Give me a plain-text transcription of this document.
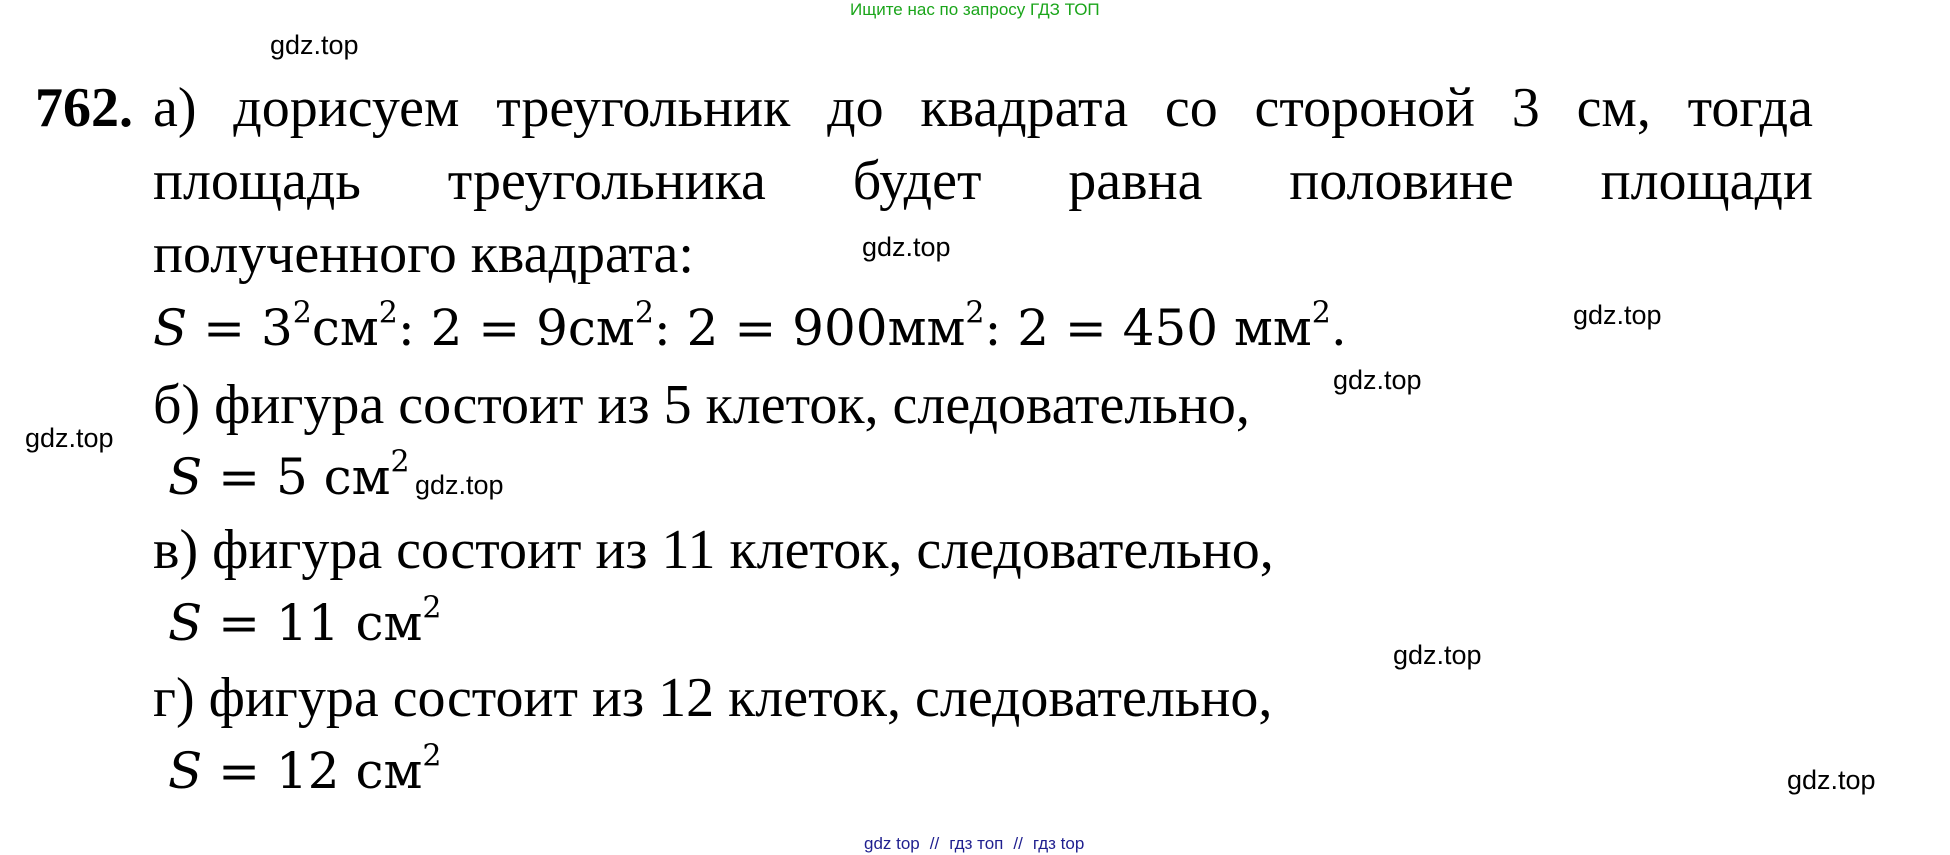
Ищите нас по запросу ГДЗ ТОП
gdz.top
gdz.top
gdz.top
gdz.top
gdz.top
gdz.top
gdz.top
gdz.top
762. а) дорисуем треугольник до квадрата со стороной 3 см, тогда
площадь треугольника будет равна половине площади
полученного квадрата:
$S = 3^2см^2$: $2 = 9см^2$: $2 = 900мм^2$: 2 = 450 $мм^2$.
б) фигура состоит из 5 клеток, следовательно,
S = 5 $см^2$
в) фигура состоит из 11 клеток, следовательно,
S = 11 $см^2$
г) фигура состоит из 12 клеток, следовательно,
S = 12 $см^2$
gdz top // гдз топ // гдз top
